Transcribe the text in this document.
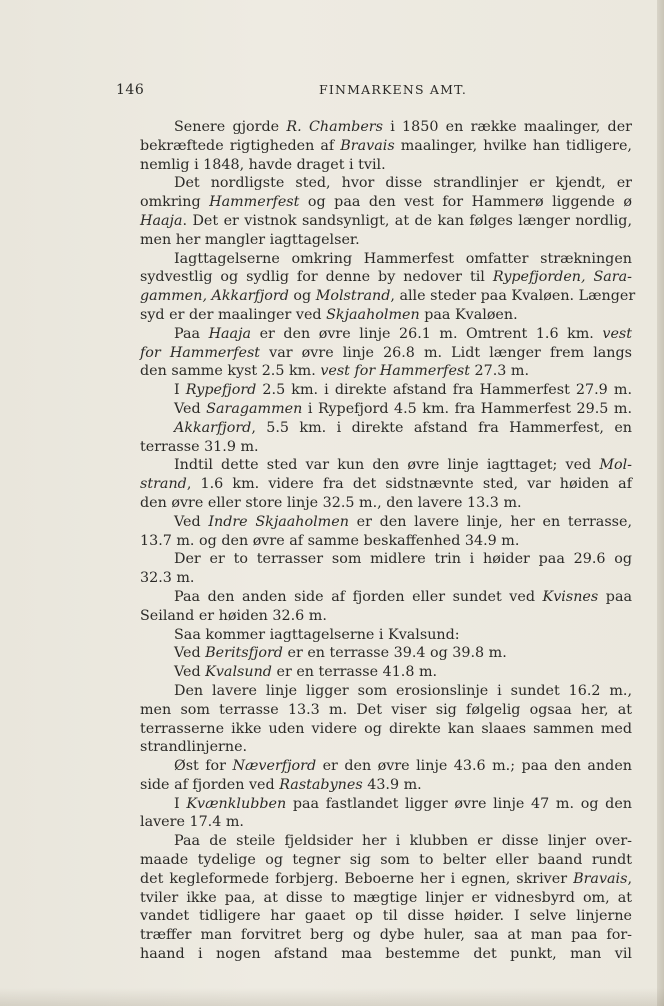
146	FINMARKENS AMT.
Senere gjorde R. Chambers i 1850 en række maalinger, der
bekræftede rigtigheden af Bravais maalinger, hvilke han tidligere,
nemlig i 1848, havde draget i tvil.
Det nordligste sted, hvor disse strandlinjer er kjendt, er
omkring Hammerfest og paa den vest for Hammerø liggende ø
Haaja. Det er vistnok sandsynligt, at de kan følges længer nordlig,
men her mangler iagttagelser.
Iagttagelserne omkring Hammerfest omfatter strækningen
sydvestlig og sydlig for denne by nedover til Rypefjorden, Sara-
gammen, Akkarfjord og Molstrand, alle steder paa Kvaløen. Længer
syd er der maalinger ved Skjaaholmen paa Kvaløen.
Paa Haaja er den øvre linje 26.1 m. Omtrent 1.6 km. vest
for Hammerfest var øvre linje 26.8 m. Lidt længer frem langs
den samme kyst 2.5 km. vest for Hammerfest 27.3 m.
I Rypefjord 2.5 km. i direkte afstand fra Hammerfest 27.9 m.
Ved Saragammen i Rypefjord 4.5 km. fra Hammerfest 29.5 m.
Akkarfjord, 5.5 km. i direkte afstand fra Hammerfest, en
terrasse 31.9 m.
Indtil dette sted var kun den øvre linje iagttaget; ved Mol-
strand, 1.6 km. videre fra det sidstnævnte sted, var høiden af
den øvre eller store linje 32.5 m., den lavere 13.3 m.
Ved Indre Skjaaholmen er den lavere linje, her en terrasse,
13.7 m. og den øvre af samme beskaffenhed 34.9 m.
Der er to terrasser som midlere trin i høider paa 29.6 og
32.3 m.
Paa den anden side af fjorden eller sundet ved Kvisnes paa
Seiland er høiden 32.6 m.
Saa kommer iagttagelserne i Kvalsund:
Ved Beritsfjord er en terrasse 39.4 og 39.8 m.
Ved Kvalsund er en terrasse 41.8 m.
Den lavere linje ligger som erosionslinje i sundet 16.2 m.,
men som terrasse 13.3 m. Det viser sig følgelig ogsaa her, at
terrasserne ikke uden videre og direkte kan slaaes sammen med
strandlinjerne.
Øst for Næverfjord er den øvre linje 43.6 m.; paa den anden
side af fjorden ved Rastabynes 43.9 m.
I Kvænklubben paa fastlandet ligger øvre linje 47 m. og den
lavere 17.4 m.
Paa de steile fjeldsider her i klubben er disse linjer over-
maade tydelige og tegner sig som to belter eller baand rundt
det kegleformede forbjerg. Beboerne her i egnen, skriver Bravais,
tviler ikke paa, at disse to mægtige linjer er vidnesbyrd om, at
vandet tidligere har gaaet op til disse høider. I selve linjerne
træffer man forvitret berg og dybe huler, saa at man paa for-
haand i nogen afstand maa bestemme det punkt, man vil
